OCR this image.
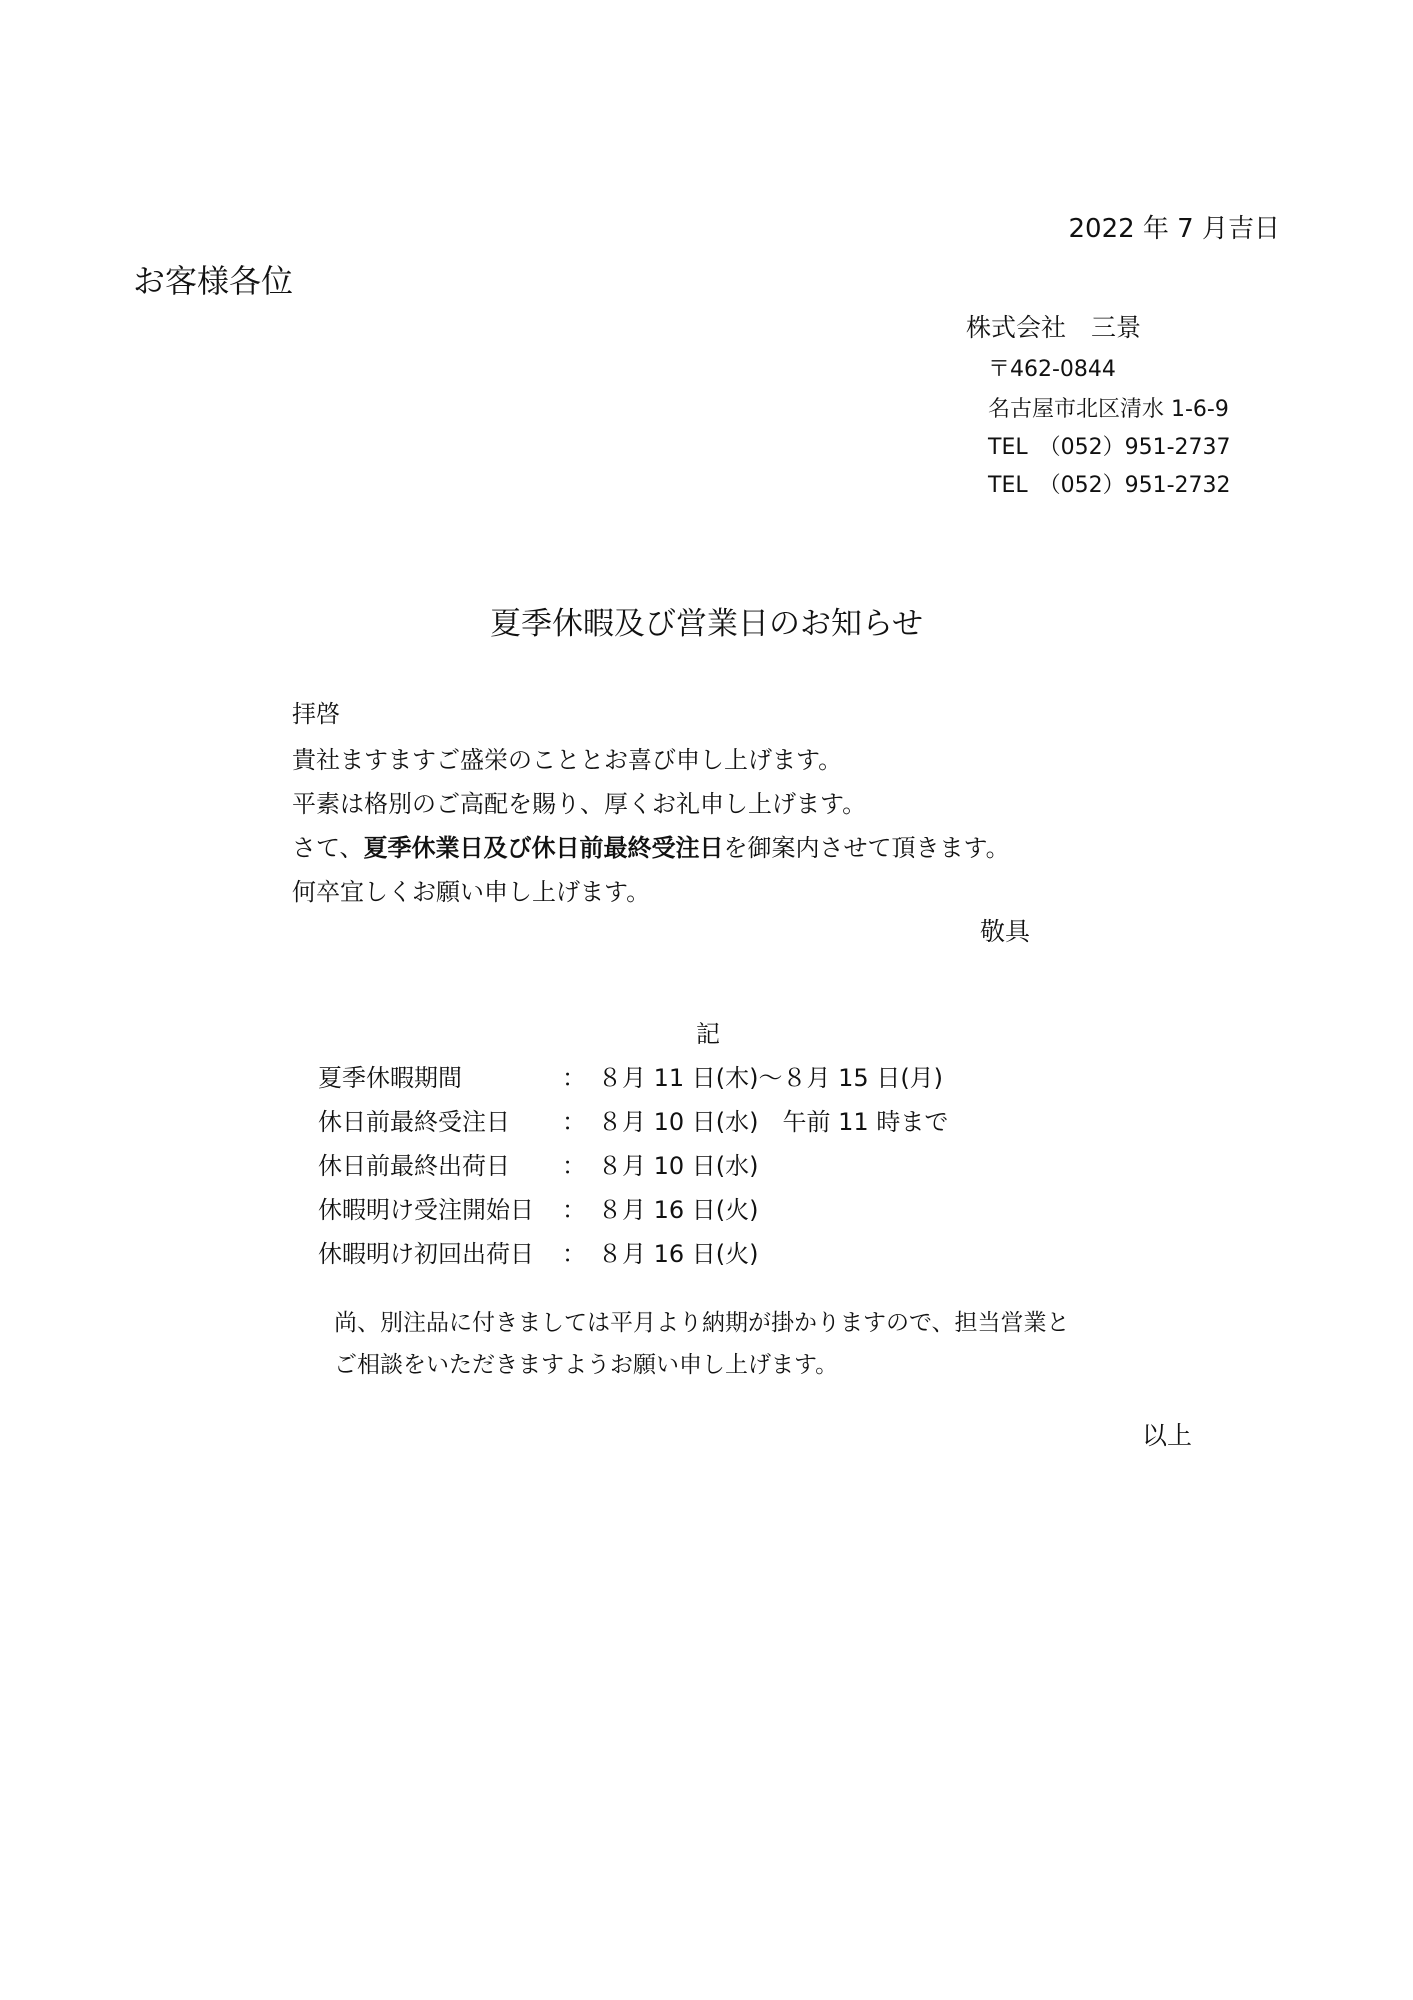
2022 年 7 月吉日
お客様各位
株式会社　三景
〒462-0844
名古屋市北区清水 1-6-9
TEL　（052）951-2737
TEL　（052）951-2732
夏季休暇及び営業日のお知らせ
拝啓
貴社ますますご盛栄のこととお喜び申し上げます。
平素は格別のご高配を賜り、厚くお礼申し上げます。
さて、夏季休業日及び休日前最終受注日を御案内させて頂きます。
何卒宜しくお願い申し上げます。
敬具
記
夏季休暇期間	： ８月 11 日(木)～８月 15 日(月)
休日前最終受注日 ： ８月 10 日(水)　午前 11 時まで
休日前最終出荷日 ： ８月 10 日(水)
休暇明け受注開始日 ： ８月 16 日(火)
休暇明け初回出荷日 ： ８月 16 日(火)
尚、別注品に付きましては平月より納期が掛かりますので、担当営業と
ご相談をいただきますようお願い申し上げます。
以上
